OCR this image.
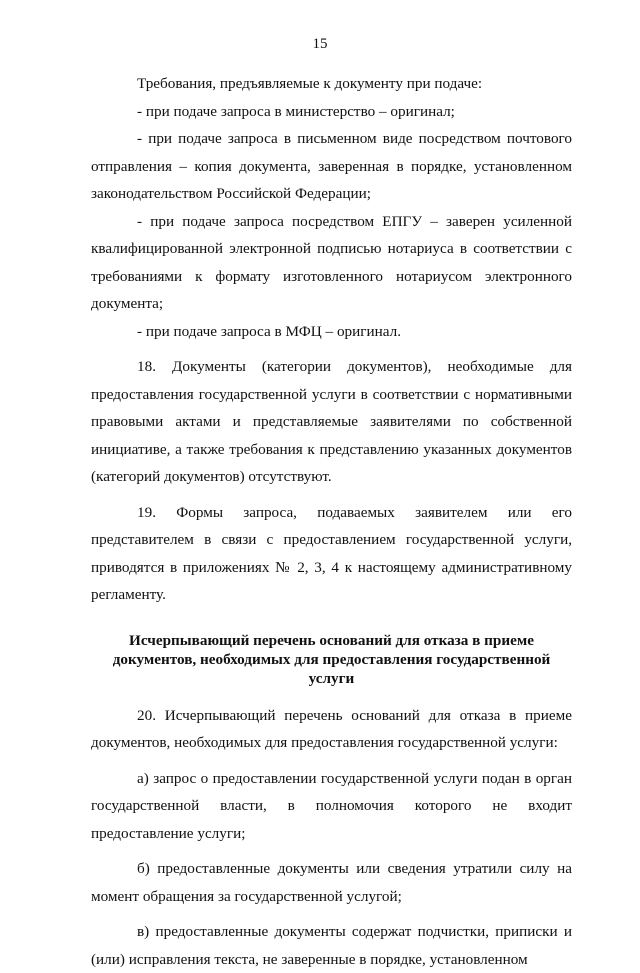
15

Требования, предъявляемые к документу при подаче:

- при подаче запроса в министерство – оригинал;

- при подаче запроса в письменном виде посредством почтового отправления – копия документа, заверенная в порядке, установленном законодательством Российской Федерации;

- при подаче запроса посредством ЕПГУ – заверен усиленной квалифицированной электронной подписью нотариуса в соответствии с требованиями к формату изготовленного нотариусом электронного документа;

- при подаче запроса в МФЦ – оригинал.

18. Документы (категории документов), необходимые для предоставления государственной услуги в соответствии с нормативными правовыми актами и представляемые заявителями по собственной инициативе, а также требования к представлению указанных документов (категорий документов) отсутствуют.

19. Формы запроса, подаваемых заявителем или его представителем в связи с предоставлением государственной услуги, приводятся в приложениях № 2, 3, 4 к настоящему административному регламенту.

Исчерпывающий перечень оснований для отказа в приеме документов, необходимых для предоставления государственной услуги

20. Исчерпывающий перечень оснований для отказа в приеме документов, необходимых для предоставления государственной услуги:

а) запрос о предоставлении государственной услуги подан в орган государственной власти, в полномочия которого не входит предоставление услуги;

б) предоставленные документы или сведения утратили силу на момент обращения за государственной услугой;

в) предоставленные документы содержат подчистки, приписки и (или) исправления текста, не заверенные в порядке, установленном
